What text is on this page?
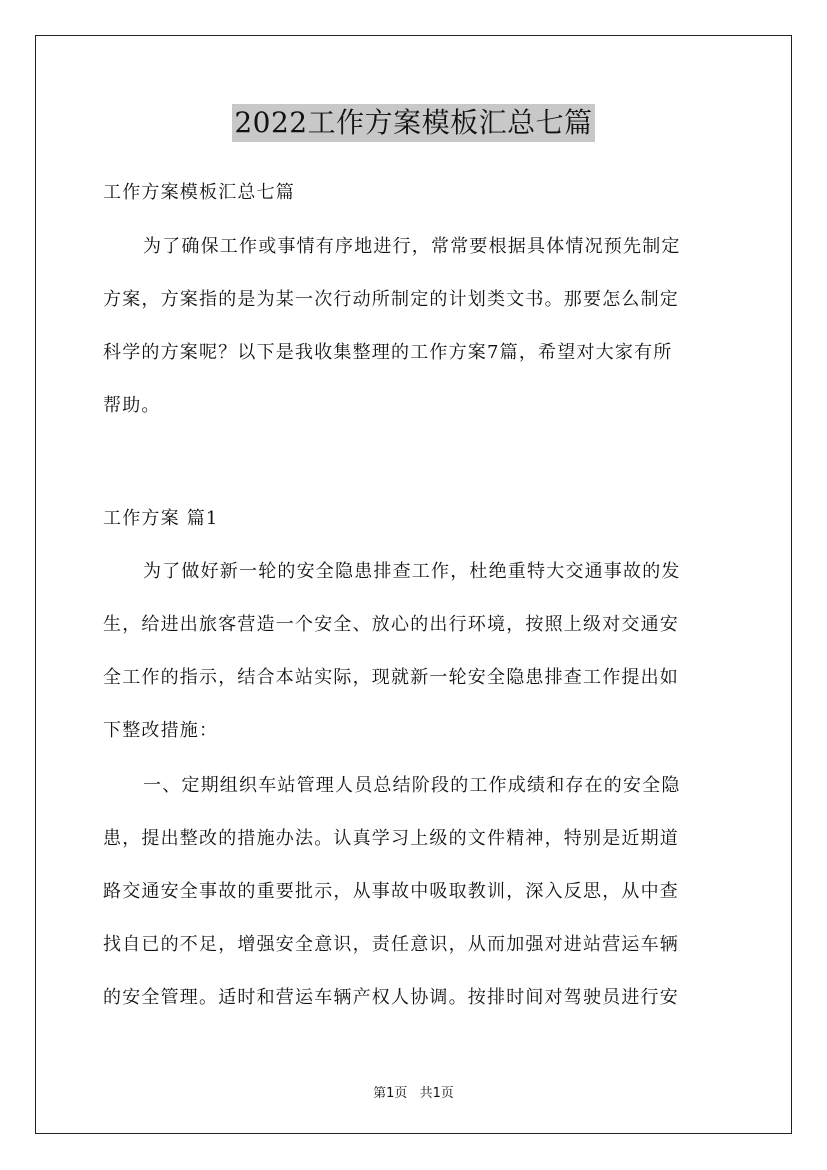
2022工作方案模板汇总七篇
工作方案模板汇总七篇
为了确保工作或事情有序地进行，常常要根据具体情况预先制定
方案，方案指的是为某一次行动所制定的计划类文书。那要怎么制定
科学的方案呢？以下是我收集整理的工作方案7篇，希望对大家有所
帮助。
工作方案 篇1
为了做好新一轮的安全隐患排查工作，杜绝重特大交通事故的发
生，给进出旅客营造一个安全、放心的出行环境，按照上级对交通安
全工作的指示，结合本站实际，现就新一轮安全隐患排查工作提出如
下整改措施：
一、定期组织车站管理人员总结阶段的工作成绩和存在的安全隐
患，提出整改的措施办法。认真学习上级的文件精神，特别是近期道
路交通安全事故的重要批示，从事故中吸取教训，深入反思，从中查
找自已的不足，增强安全意识，责任意识，从而加强对进站营运车辆
的安全管理。适时和营运车辆产权人协调。按排时间对驾驶员进行安
第1页 共1页
